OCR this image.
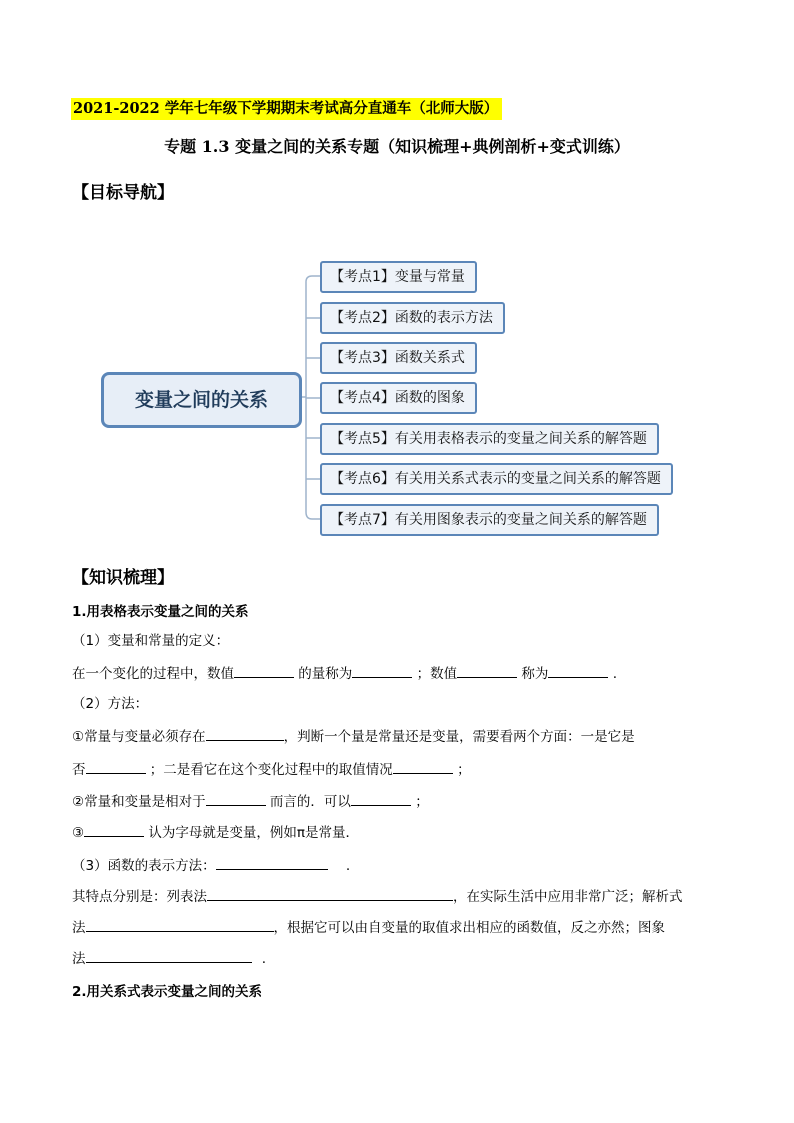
2021-2022 学年七年级下学期期末考试高分直通车（北师大版）
专题 1.3 变量之间的关系专题（知识梳理+典例剖析+变式训练）
【目标导航】
变量之间的关系
【考点1】变量与常量
【考点2】函数的表示方法
【考点3】函数关系式
【考点4】函数的图象
【考点5】有关用表格表示的变量之间关系的解答题
【考点6】有关用关系式表示的变量之间关系的解答题
【考点7】有关用图象表示的变量之间关系的解答题
【知识梳理】
1.用表格表示变量之间的关系
（1）变量和常量的定义：
在一个变化的过程中，数值	的量称为	；数值	称为	.
（2）方法：
①常量与变量必须存在	，判断一个量是常量还是变量，需要看两个方面：一是它是
否	；二是看它在这个变化过程中的取值情况	；
②常量和变量是相对于	而言的．可以	；
③	认为字母就是变量，例如π是常量．
（3）函数的表示方法：	.
其特点分别是：列表法	，在实际生活中应用非常广泛；解析式
法	，根据它可以由自变量的取值求出相应的函数值，反之亦然；图象
法	.
2.用关系式表示变量之间的关系
